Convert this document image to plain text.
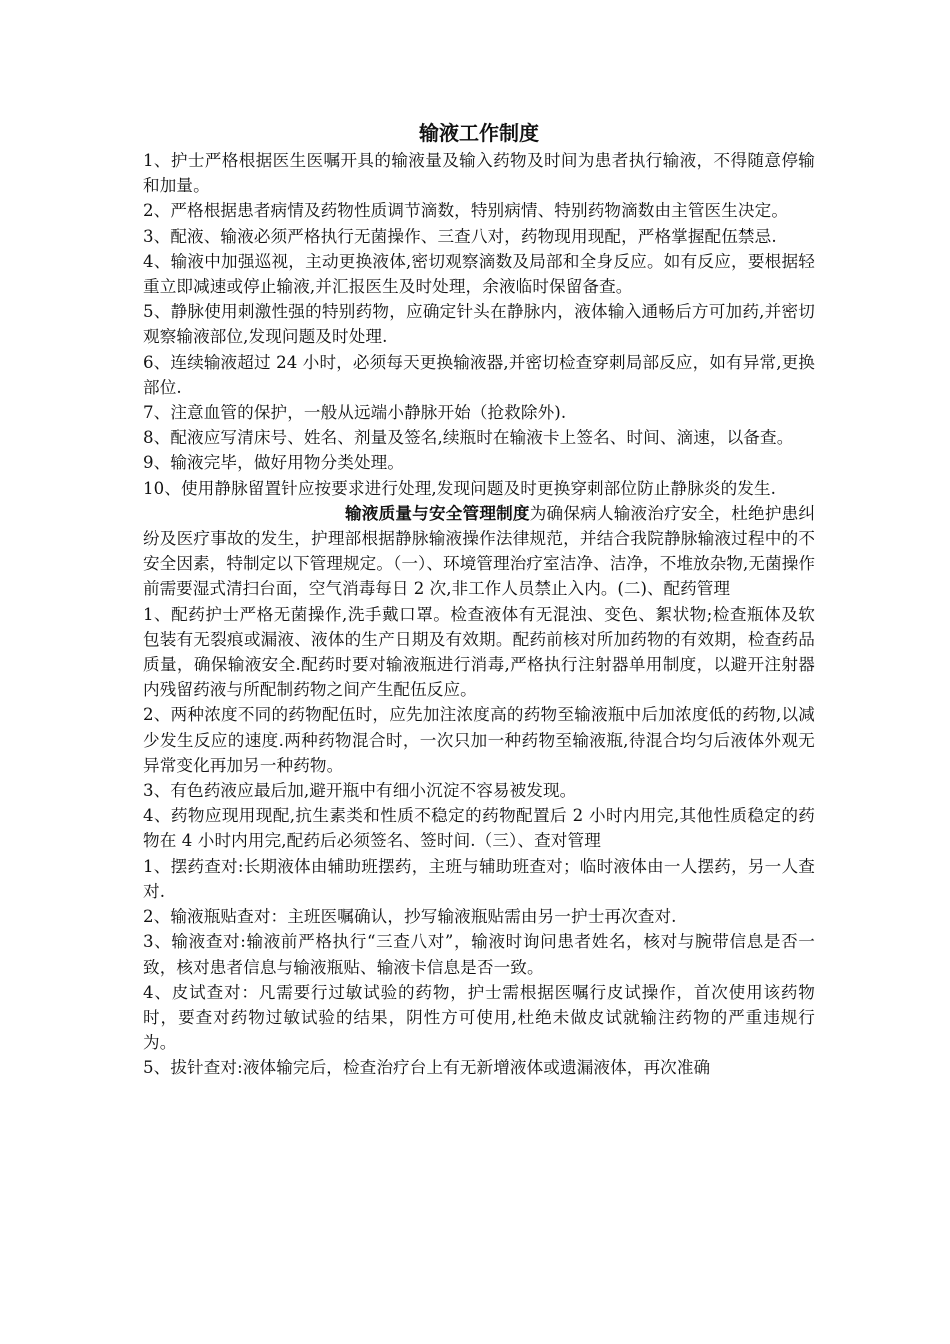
输液工作制度

1、护士严格根据医生医嘱开具的输液量及输入药物及时间为患者执行输液，不得随意停输和加量。

2、严格根据患者病情及药物性质调节滴数，特别病情、特别药物滴数由主管医生决定。

3、配液、输液必须严格执行无菌操作、三查八对，药物现用现配，严格掌握配伍禁忌.

4、输液中加强巡视，主动更换液体,密切观察滴数及局部和全身反应。如有反应，要根据轻重立即减速或停止输液,并汇报医生及时处理，余液临时保留备查。

5、静脉使用刺激性强的特别药物，应确定针头在静脉内，液体输入通畅后方可加药,并密切观察输液部位,发现问题及时处理.

6、连续输液超过 24 小时，必须每天更换输液器,并密切检查穿刺局部反应，如有异常,更换部位.

7、注意血管的保护，一般从远端小静脉开始（抢救除外).

8、配液应写清床号、姓名、剂量及签名,续瓶时在输液卡上签名、时间、滴速，以备查。

9、输液完毕，做好用物分类处理。

10、使用静脉留置针应按要求进行处理,发现问题及时更换穿刺部位防止静脉炎的发生.

输液质量与安全管理制度为确保病人输液治疗安全，杜绝护患纠纷及医疗事故的发生，护理部根据静脉输液操作法律规范，并结合我院静脉输液过程中的不安全因素，特制定以下管理规定。（一）、环境管理治疗室洁净、洁净，不堆放杂物,无菌操作前需要湿式清扫台面，空气消毒每日 2 次,非工作人员禁止入内。(二)、配药管理

1、配药护士严格无菌操作,洗手戴口罩。检查液体有无混浊、变色、絮状物;检查瓶体及软包装有无裂痕或漏液、液体的生产日期及有效期。配药前核对所加药物的有效期，检查药品质量，确保输液安全.配药时要对输液瓶进行消毒,严格执行注射器单用制度，以避开注射器内残留药液与所配制药物之间产生配伍反应。

2、两种浓度不同的药物配伍时，应先加注浓度高的药物至输液瓶中后加浓度低的药物,以减少发生反应的速度.两种药物混合时，一次只加一种药物至输液瓶,待混合均匀后液体外观无异常变化再加另一种药物。

3、有色药液应最后加,避开瓶中有细小沉淀不容易被发现。

4、药物应现用现配,抗生素类和性质不稳定的药物配置后 2 小时内用完,其他性质稳定的药物在 4 小时内用完,配药后必须签名、签时间.（三）、查对管理

1、摆药查对:长期液体由辅助班摆药，主班与辅助班查对；临时液体由一人摆药，另一人查对.

2、输液瓶贴查对：主班医嘱确认，抄写输液瓶贴需由另一护士再次查对.

3、输液查对:输液前严格执行“三查八对”，输液时询问患者姓名，核对与腕带信息是否一致，核对患者信息与输液瓶贴、输液卡信息是否一致。

4、皮试查对：凡需要行过敏试验的药物，护士需根据医嘱行皮试操作，首次使用该药物时，要查对药物过敏试验的结果，阴性方可使用,杜绝未做皮试就输注药物的严重违规行为。

5、拔针查对:液体输完后，检查治疗台上有无新增液体或遗漏液体，再次准确
